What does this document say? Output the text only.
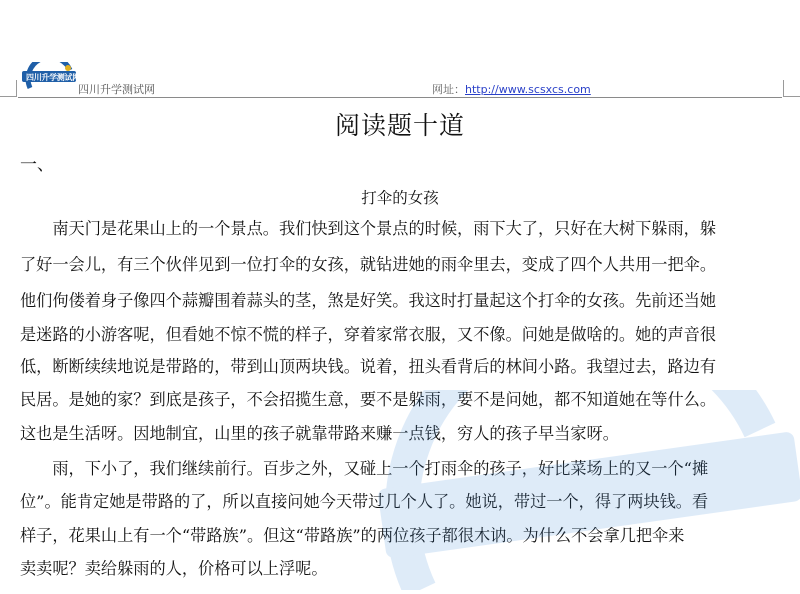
四川升学测试网
四川升学测试网	网址：http://www.scsxcs.com
阅读题十道
一、
打伞的女孩
　　南天门是花果山上的一个景点。我们快到这个景点的时候，雨下大了，只好在大树下躲雨，躲
了好一会儿，有三个伙伴见到一位打伞的女孩，就钻进她的雨伞里去，变成了四个人共用一把伞。
他们佝偻着身子像四个蒜瓣围着蒜头的茎，煞是好笑。我这时打量起这个打伞的女孩。先前还当她
是迷路的小游客呢，但看她不惊不慌的样子，穿着家常衣服，又不像。问她是做啥的。她的声音很
低，断断续续地说是带路的，带到山顶两块钱。说着，扭头看背后的林间小路。我望过去，路边有
民居。是她的家？到底是孩子，不会招揽生意，要不是躲雨，要不是问她，都不知道她在等什么。
这也是生活呀。因地制宜，山里的孩子就靠带路来赚一点钱，穷人的孩子早当家呀。
　　雨，下小了，我们继续前行。百步之外，又碰上一个打雨伞的孩子，好比菜场上的又一个“摊
位”。能肯定她是带路的了，所以直接问她今天带过几个人了。她说，带过一个，得了两块钱。看
样子，花果山上有一个“带路族”。但这“带路族”的两位孩子都很木讷。为什么不会拿几把伞来
卖卖呢？卖给躲雨的人，价格可以上浮呢。
